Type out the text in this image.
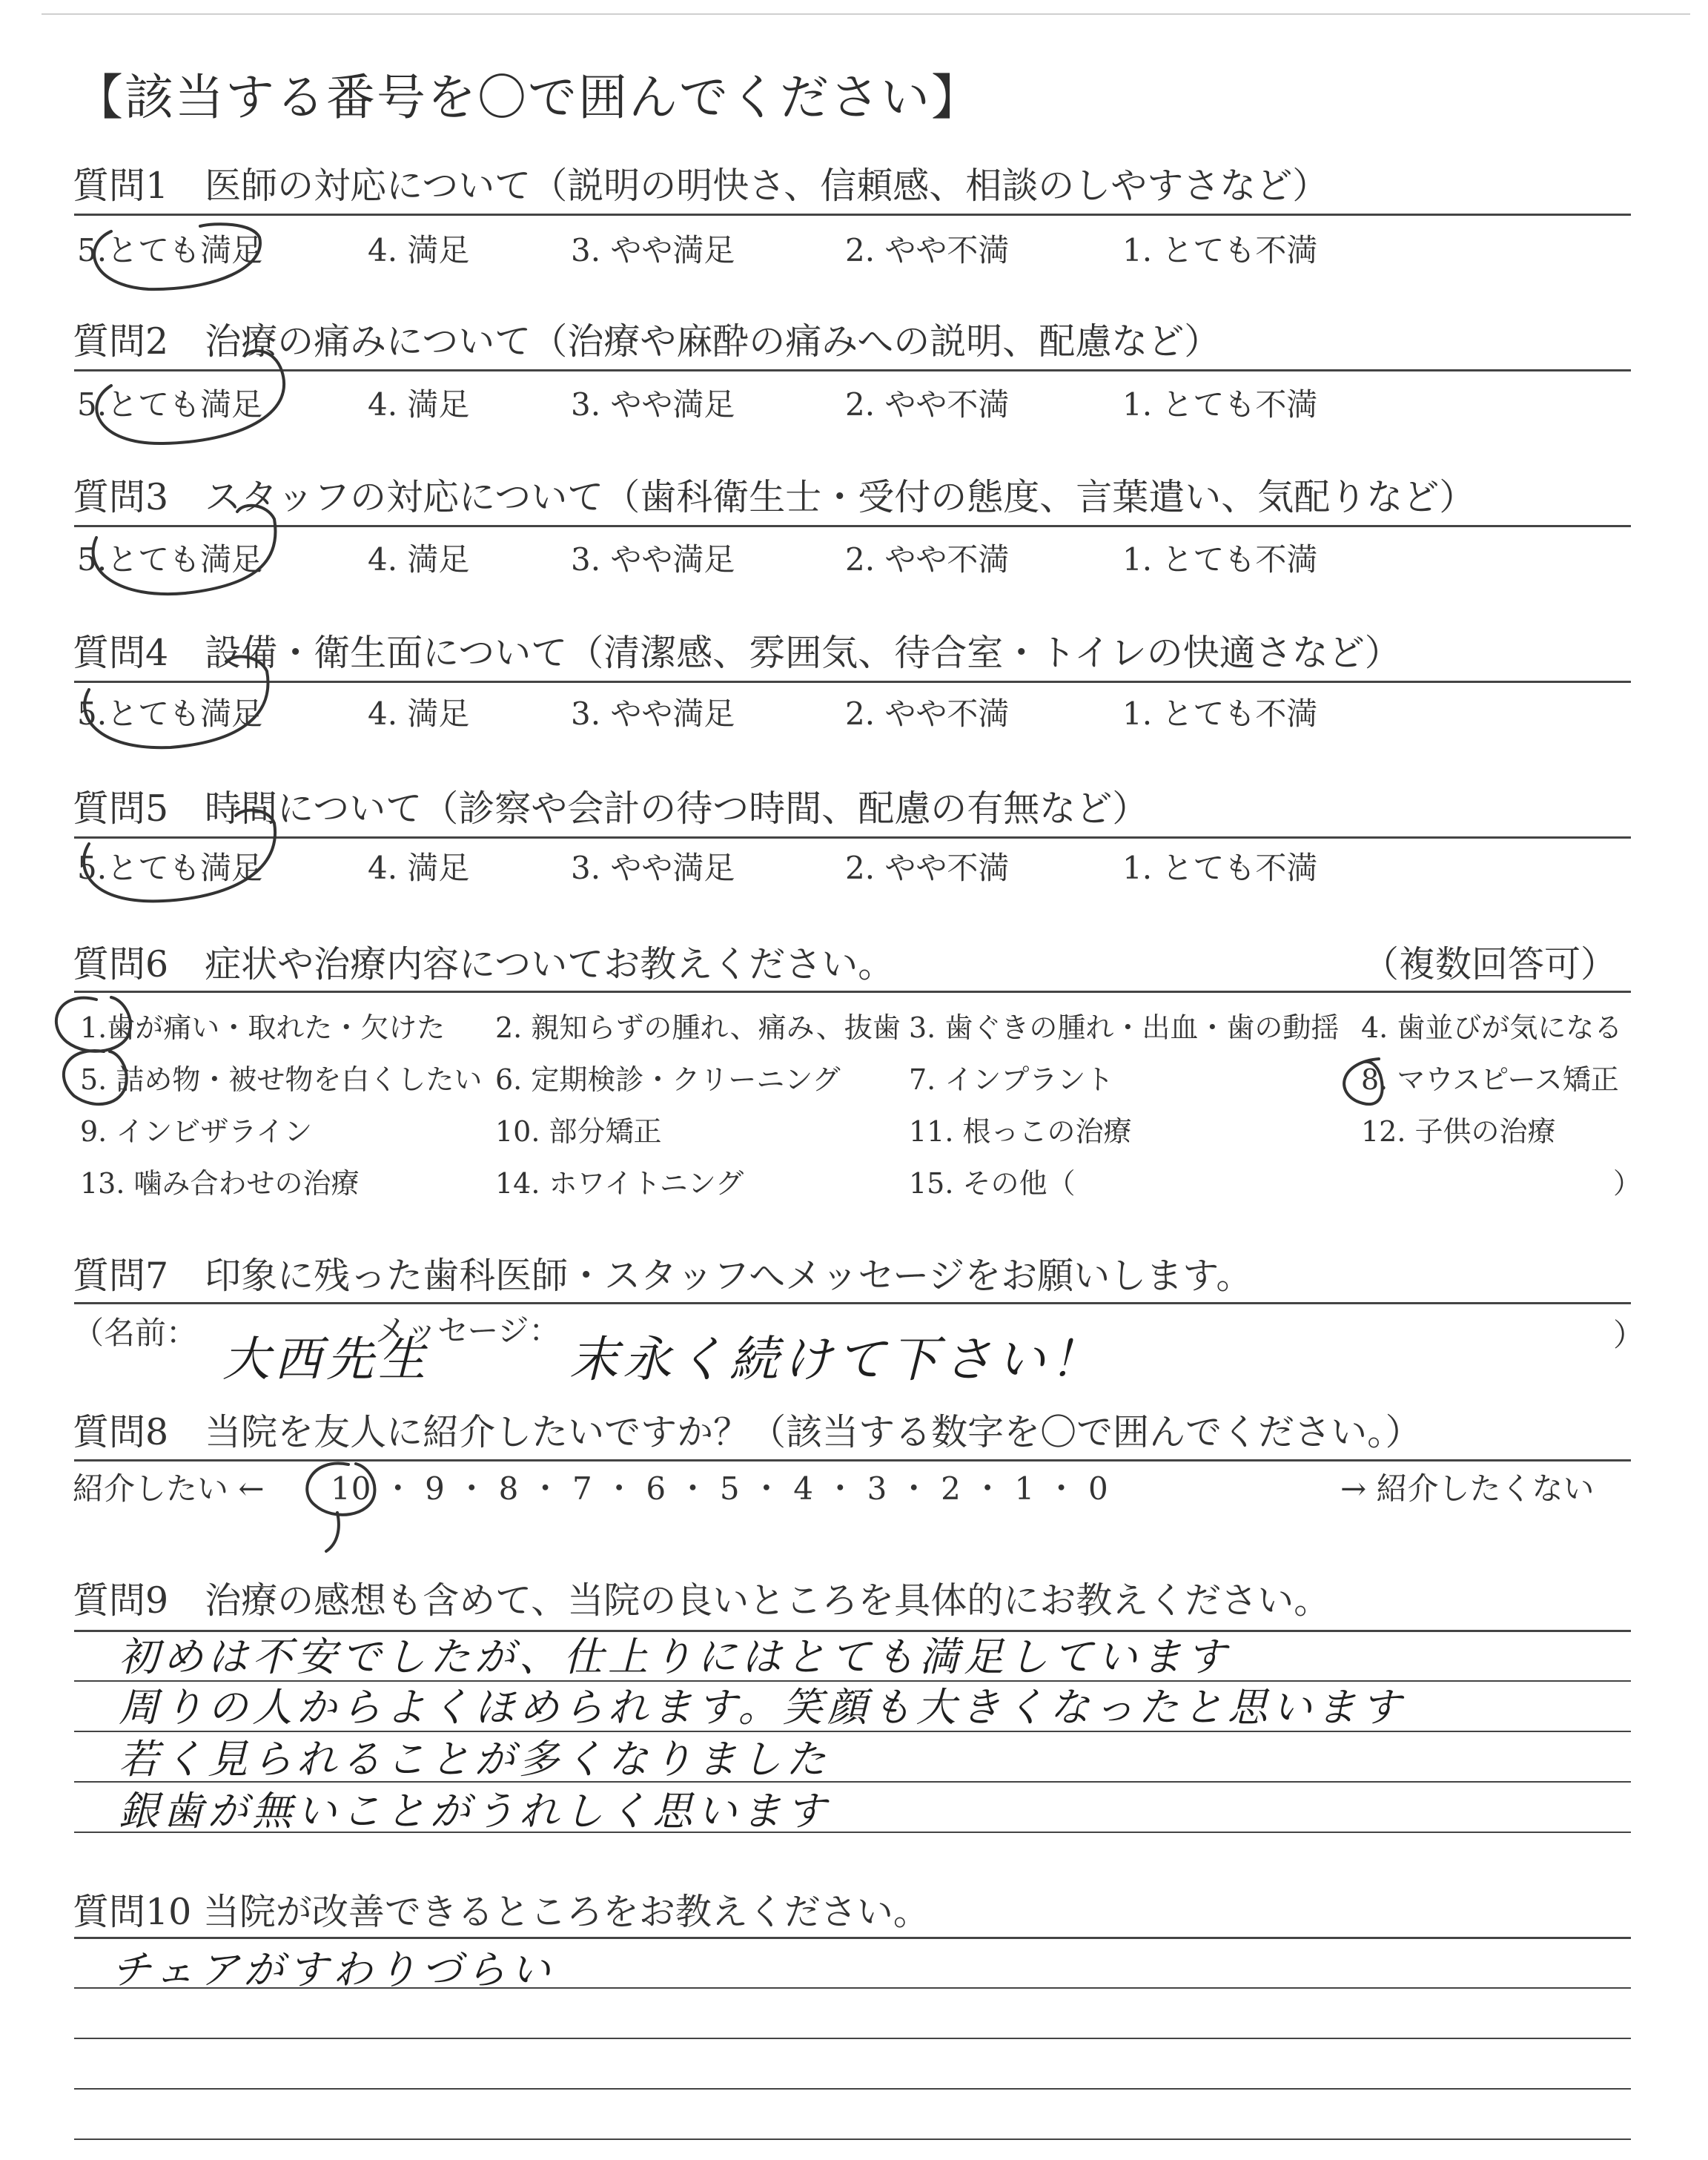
【該当する番号を〇で囲んでください】
質問1　医師の対応について（説明の明快さ、信頼感、相談のしやすさなど）
5.とても満足	4. 満足	3. やや満足	2. やや不満	1. とても不満
質問2　治療の痛みについて（治療や麻酔の痛みへの説明、配慮など）
5.とても満足	4. 満足	3. やや満足	2. やや不満	1. とても不満
質問3　スタッフの対応について（歯科衛生士・受付の態度、言葉遣い、気配りなど）
5.とても満足	4. 満足	3. やや満足	2. やや不満	1. とても不満
質問4　設備・衛生面について（清潔感、雰囲気、待合室・トイレの快適さなど）
5.とても満足	4. 満足	3. やや満足	2. やや不満	1. とても不満
質問5　時間について（診察や会計の待つ時間、配慮の有無など）
5.とても満足	4. 満足	3. やや満足	2. やや不満	1. とても不満
質問6　症状や治療内容についてお教えください。	（複数回答可）
1.歯が痛い・取れた・欠けた 2. 親知らずの腫れ、痛み、抜歯 3. 歯ぐきの腫れ・出血・歯の動揺 4. 歯並びが気になる
5. 詰め物・被せ物を白くしたい 6. 定期検診・クリーニング 7. インプラント	8. マウスピース矯正
9. インビザライン	10. 部分矯正	11. 根っこの治療	12. 子供の治療
13. 噛み合わせの治療	14. ホワイトニング	15. その他（	）
質問7　印象に残った歯科医師・スタッフへメッセージをお願いします。
（名前： 大西先生
メッセージ：
末永く続けて下さい！	）
質問8　当院を友人に紹介したいですか？（該当する数字を〇で囲んでください。）
紹介したい ← 10 ・ 9 ・ 8 ・ 7 ・ 6 ・ 5 ・ 4 ・ 3 ・ 2 ・ 1 ・ 0	→ 紹介したくない
質問9　治療の感想も含めて、当院の良いところを具体的にお教えください。
初めは不安でしたが、仕上りにはとても満足しています
周りの人からよくほめられます。笑顔も大きくなったと思います
若く見られることが多くなりました
銀歯が無いことがうれしく思います
質問10 当院が改善できるところをお教えください。
チェアがすわりづらい
